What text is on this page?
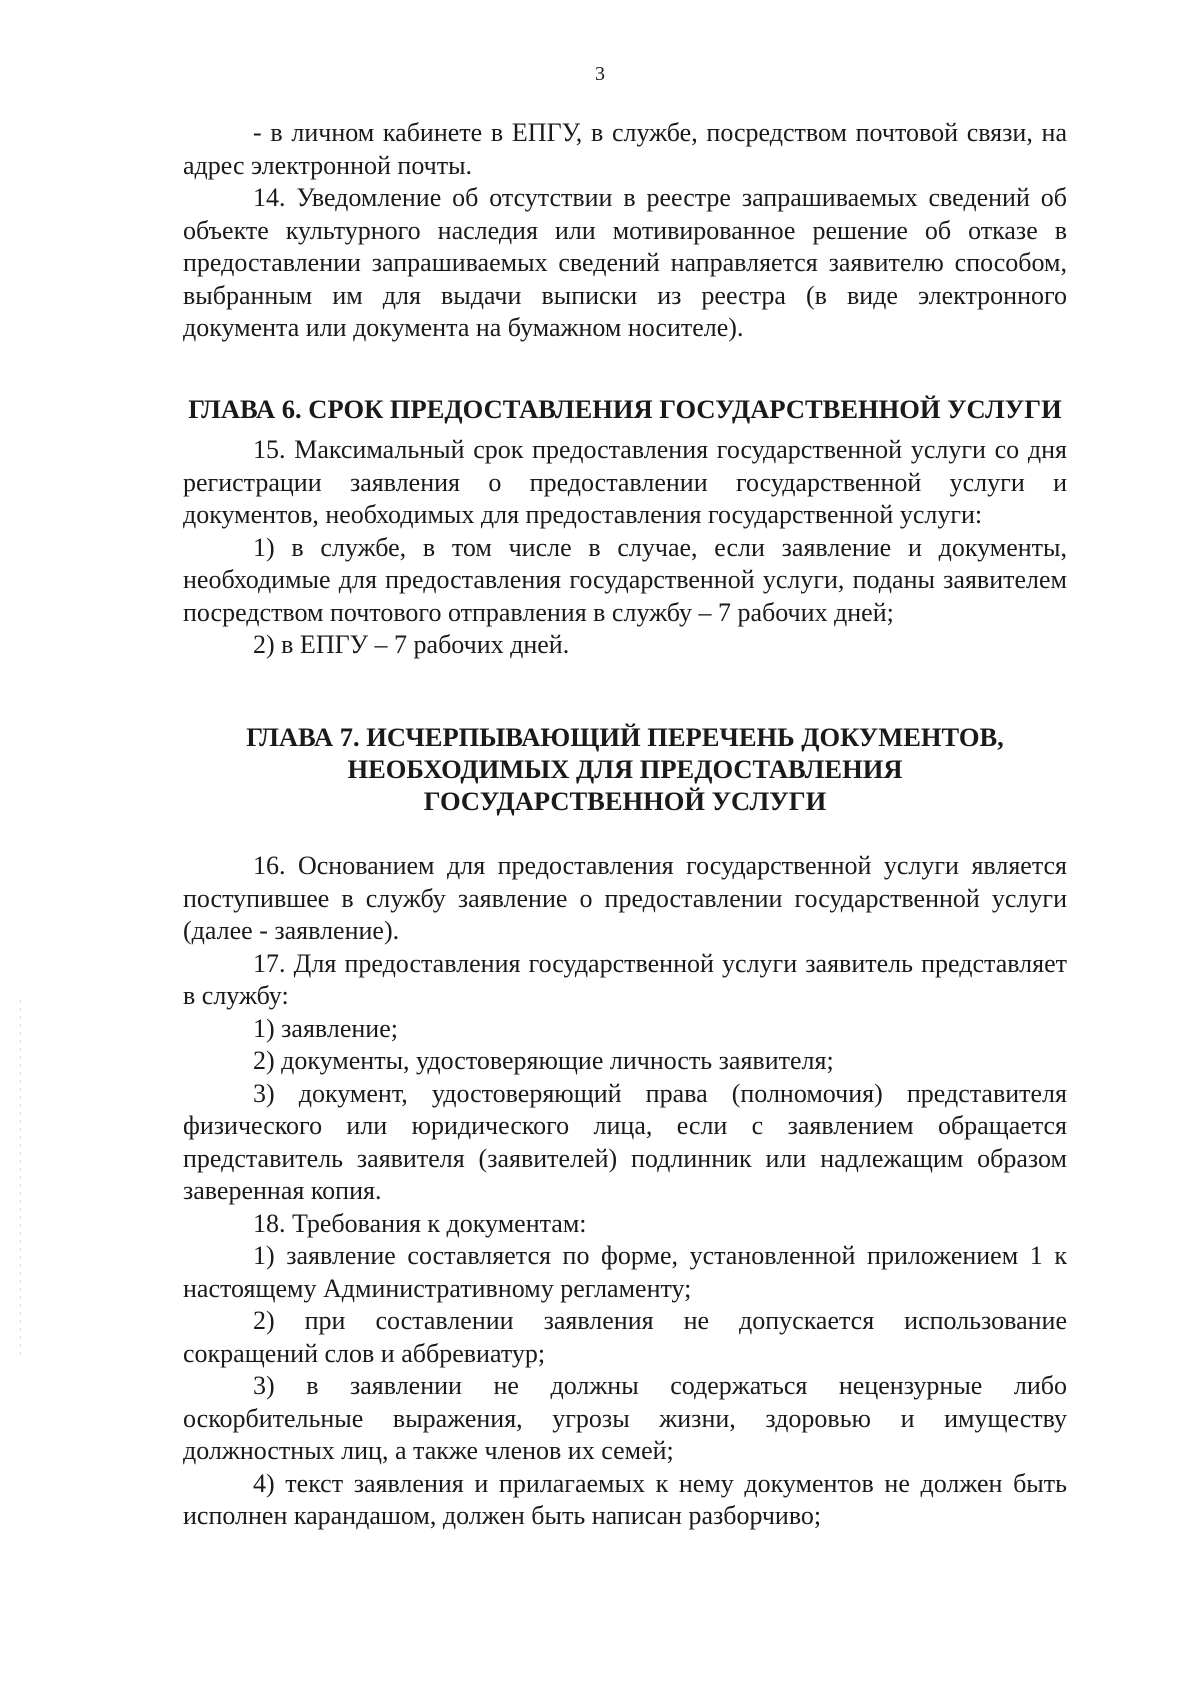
3

- в личном кабинете в ЕПГУ, в службе, посредством почтовой связи, на адрес электронной почты.

14. Уведомление об отсутствии в реестре запрашиваемых сведений об объекте культурного наследия или мотивированное решение об отказе в предоставлении запрашиваемых сведений направляется заявителю способом, выбранным им для выдачи выписки из реестра (в виде электронного документа или документа на бумажном носителе).

ГЛАВА 6. СРОК ПРЕДОСТАВЛЕНИЯ ГОСУДАРСТВЕННОЙ УСЛУГИ

15. Максимальный срок предоставления государственной услуги со дня регистрации заявления о предоставлении государственной услуги и документов, необходимых для предоставления государственной услуги:

1) в службе, в том числе в случае, если заявление и документы, необходимые для предоставления государственной услуги, поданы заявителем посредством почтового отправления в службу – 7 рабочих дней;

2) в ЕПГУ – 7 рабочих дней.

ГЛАВА 7. ИСЧЕРПЫВАЮЩИЙ ПЕРЕЧЕНЬ ДОКУМЕНТОВ,
НЕОБХОДИМЫХ ДЛЯ ПРЕДОСТАВЛЕНИЯ
ГОСУДАРСТВЕННОЙ УСЛУГИ

16. Основанием для предоставления государственной услуги является поступившее в службу заявление о предоставлении государственной услуги (далее - заявление).

17. Для предоставления государственной услуги заявитель представляет в службу:

1) заявление;

2) документы, удостоверяющие личность заявителя;

3) документ, удостоверяющий права (полномочия) представителя физического или юридического лица, если с заявлением обращается представитель заявителя (заявителей) подлинник или надлежащим образом заверенная копия.

18. Требования к документам:

1) заявление составляется по форме, установленной приложением 1 к настоящему Административному регламенту;

2) при составлении заявления не допускается использование сокращений слов и аббревиатур;

3) в заявлении не должны содержаться нецензурные либо оскорбительные выражения, угрозы жизни, здоровью и имуществу должностных лиц, а также членов их семей;

4) текст заявления и прилагаемых к нему документов не должен быть исполнен карандашом, должен быть написан разборчиво;
